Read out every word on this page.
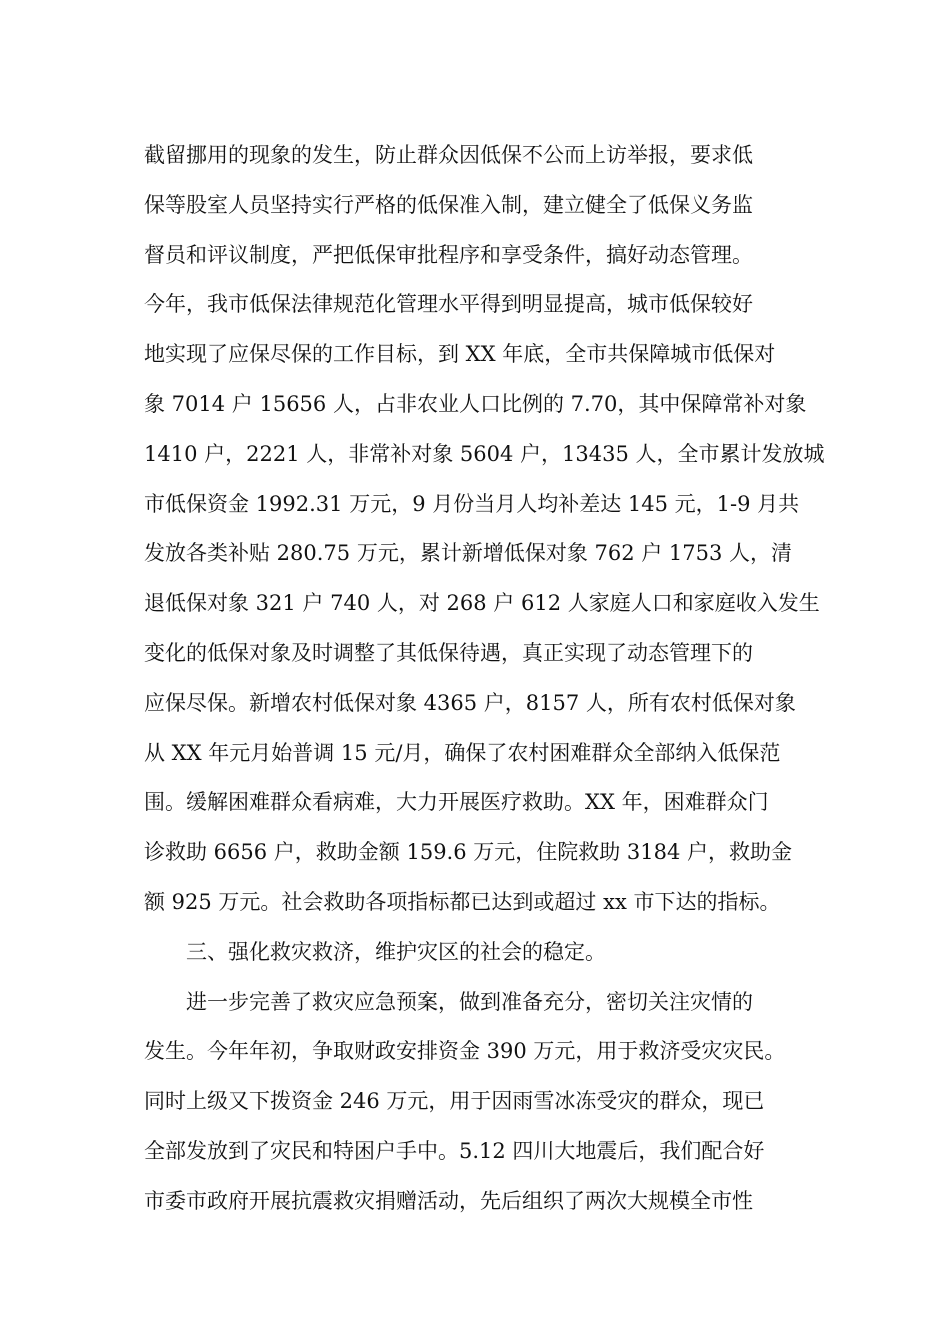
截留挪用的现象的发生，防止群众因低保不公而上访举报，要求低
保等股室人员坚持实行严格的低保准入制，建立健全了低保义务监
督员和评议制度，严把低保审批程序和享受条件，搞好动态管理。
今年，我市低保法律规范化管理水平得到明显提高，城市低保较好
地实现了应保尽保的工作目标，到 XX 年底，全市共保障城市低保对
象 7014 户 15656 人，占非农业人口比例的 7.70，其中保障常补对象
1410 户，2221 人，非常补对象 5604 户，13435 人，全市累计发放城
市低保资金 1992.31 万元，9 月份当月人均补差达 145 元，1-9 月共
发放各类补贴 280.75 万元，累计新增低保对象 762 户 1753 人，清
退低保对象 321 户 740 人，对 268 户 612 人家庭人口和家庭收入发生
变化的低保对象及时调整了其低保待遇，真正实现了动态管理下的
应保尽保。新增农村低保对象 4365 户，8157 人，所有农村低保对象
从 XX 年元月始普调 15 元/月，确保了农村困难群众全部纳入低保范
围。缓解困难群众看病难，大力开展医疗救助。XX 年，困难群众门
诊救助 6656 户，救助金额 159.6 万元，住院救助 3184 户，救助金
额 925 万元。社会救助各项指标都已达到或超过 xx 市下达的指标。
三、强化救灾救济，维护灾区的社会的稳定。
进一步完善了救灾应急预案，做到准备充分，密切关注灾情的
发生。今年年初，争取财政安排资金 390 万元，用于救济受灾灾民。
同时上级又下拨资金 246 万元，用于因雨雪冰冻受灾的群众，现已
全部发放到了灾民和特困户手中。5.12 四川大地震后，我们配合好
市委市政府开展抗震救灾捐赠活动，先后组织了两次大规模全市性
